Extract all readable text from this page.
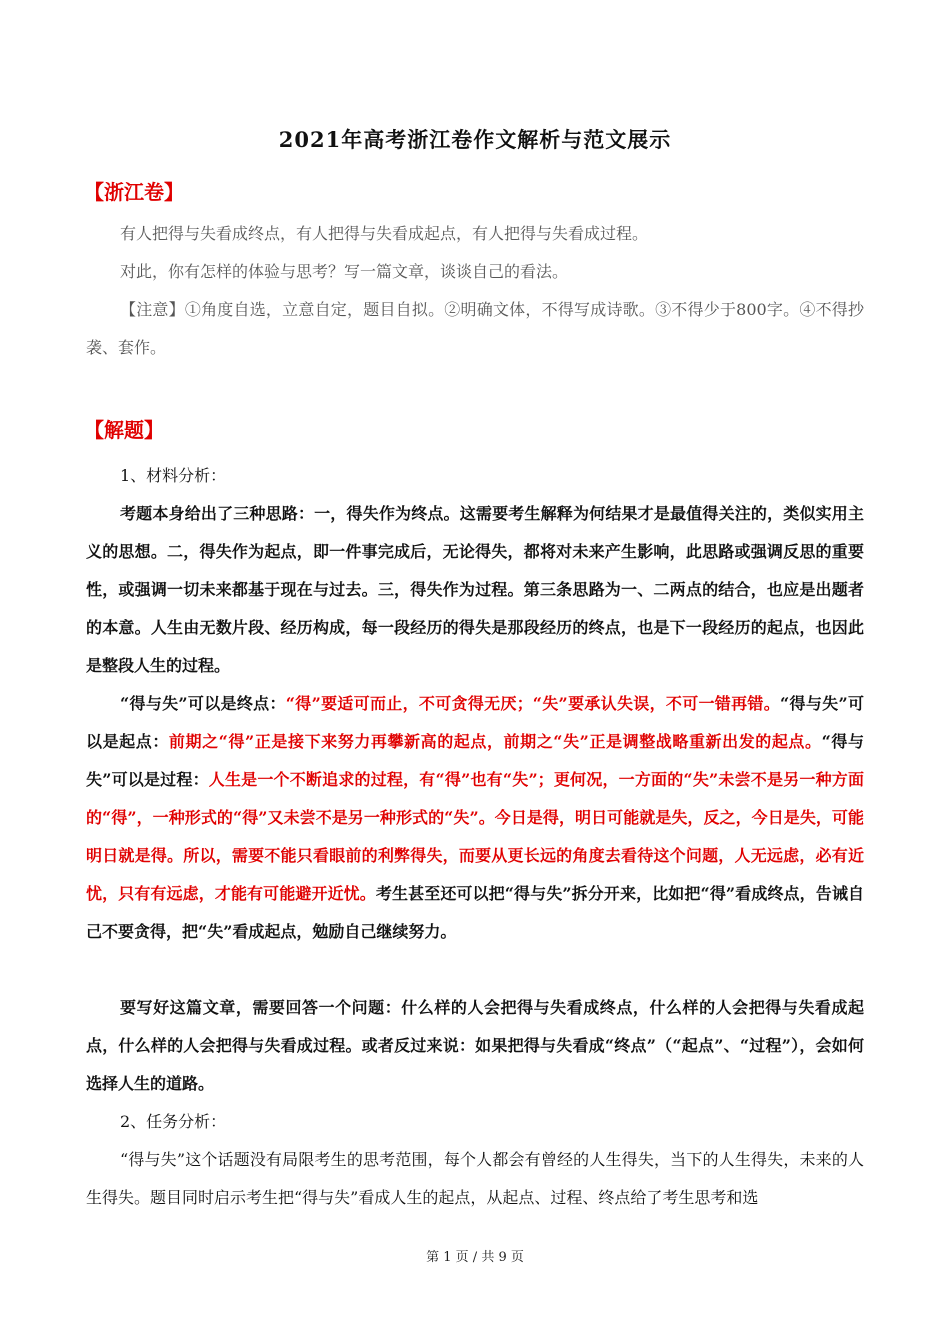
2021年高考浙江卷作文解析与范文展示
【浙江卷】
有人把得与失看成终点，有人把得与失看成起点，有人把得与失看成过程。
对此，你有怎样的体验与思考？写一篇文章，谈谈自己的看法。
【注意】①角度自选，立意自定，题目自拟。②明确文体，不得写成诗歌。③不得少于800字。④不得抄袭、套作。
【解题】
1、材料分析：
考题本身给出了三种思路：一，得失作为终点。这需要考生解释为何结果才是最值得关注的，类似实用主义的思想。二，得失作为起点，即一件事完成后，无论得失，都将对未来产生影响，此思路或强调反思的重要性，或强调一切未来都基于现在与过去。三，得失作为过程。第三条思路为一、二两点的结合，也应是出题者的本意。人生由无数片段、经历构成，每一段经历的得失是那段经历的终点，也是下一段经历的起点，也因此是整段人生的过程。
“得与失”可以是终点：“得”要适可而止，不可贪得无厌；“失”要承认失误，不可一错再错。“得与失”可以是起点：前期之“得”正是接下来努力再攀新高的起点，前期之“失”正是调整战略重新出发的起点。“得与失”可以是过程：人生是一个不断追求的过程，有“得”也有“失”；更何况，一方面的“失”未尝不是另一种方面的“得”，一种形式的“得”又未尝不是另一种形式的“失”。今日是得，明日可能就是失，反之，今日是失，可能明日就是得。所以，需要不能只看眼前的利弊得失，而要从更长远的角度去看待这个问题，人无远虑，必有近忧，只有有远虑，才能有可能避开近忧。考生甚至还可以把“得与失”拆分开来，比如把“得”看成终点，告诫自己不要贪得，把“失”看成起点，勉励自己继续努力。
要写好这篇文章，需要回答一个问题：什么样的人会把得与失看成终点，什么样的人会把得与失看成起点，什么样的人会把得与失看成过程。或者反过来说：如果把得与失看成“终点”（“起点”、“过程”），会如何选择人生的道路。
2、任务分析：
“得与失”这个话题没有局限考生的思考范围，每个人都会有曾经的人生得失，当下的人生得失，未来的人生得失。题目同时启示考生把“得与失”看成人生的起点，从起点、过程、终点给了考生思考和选
第 1 页 / 共 9 页
